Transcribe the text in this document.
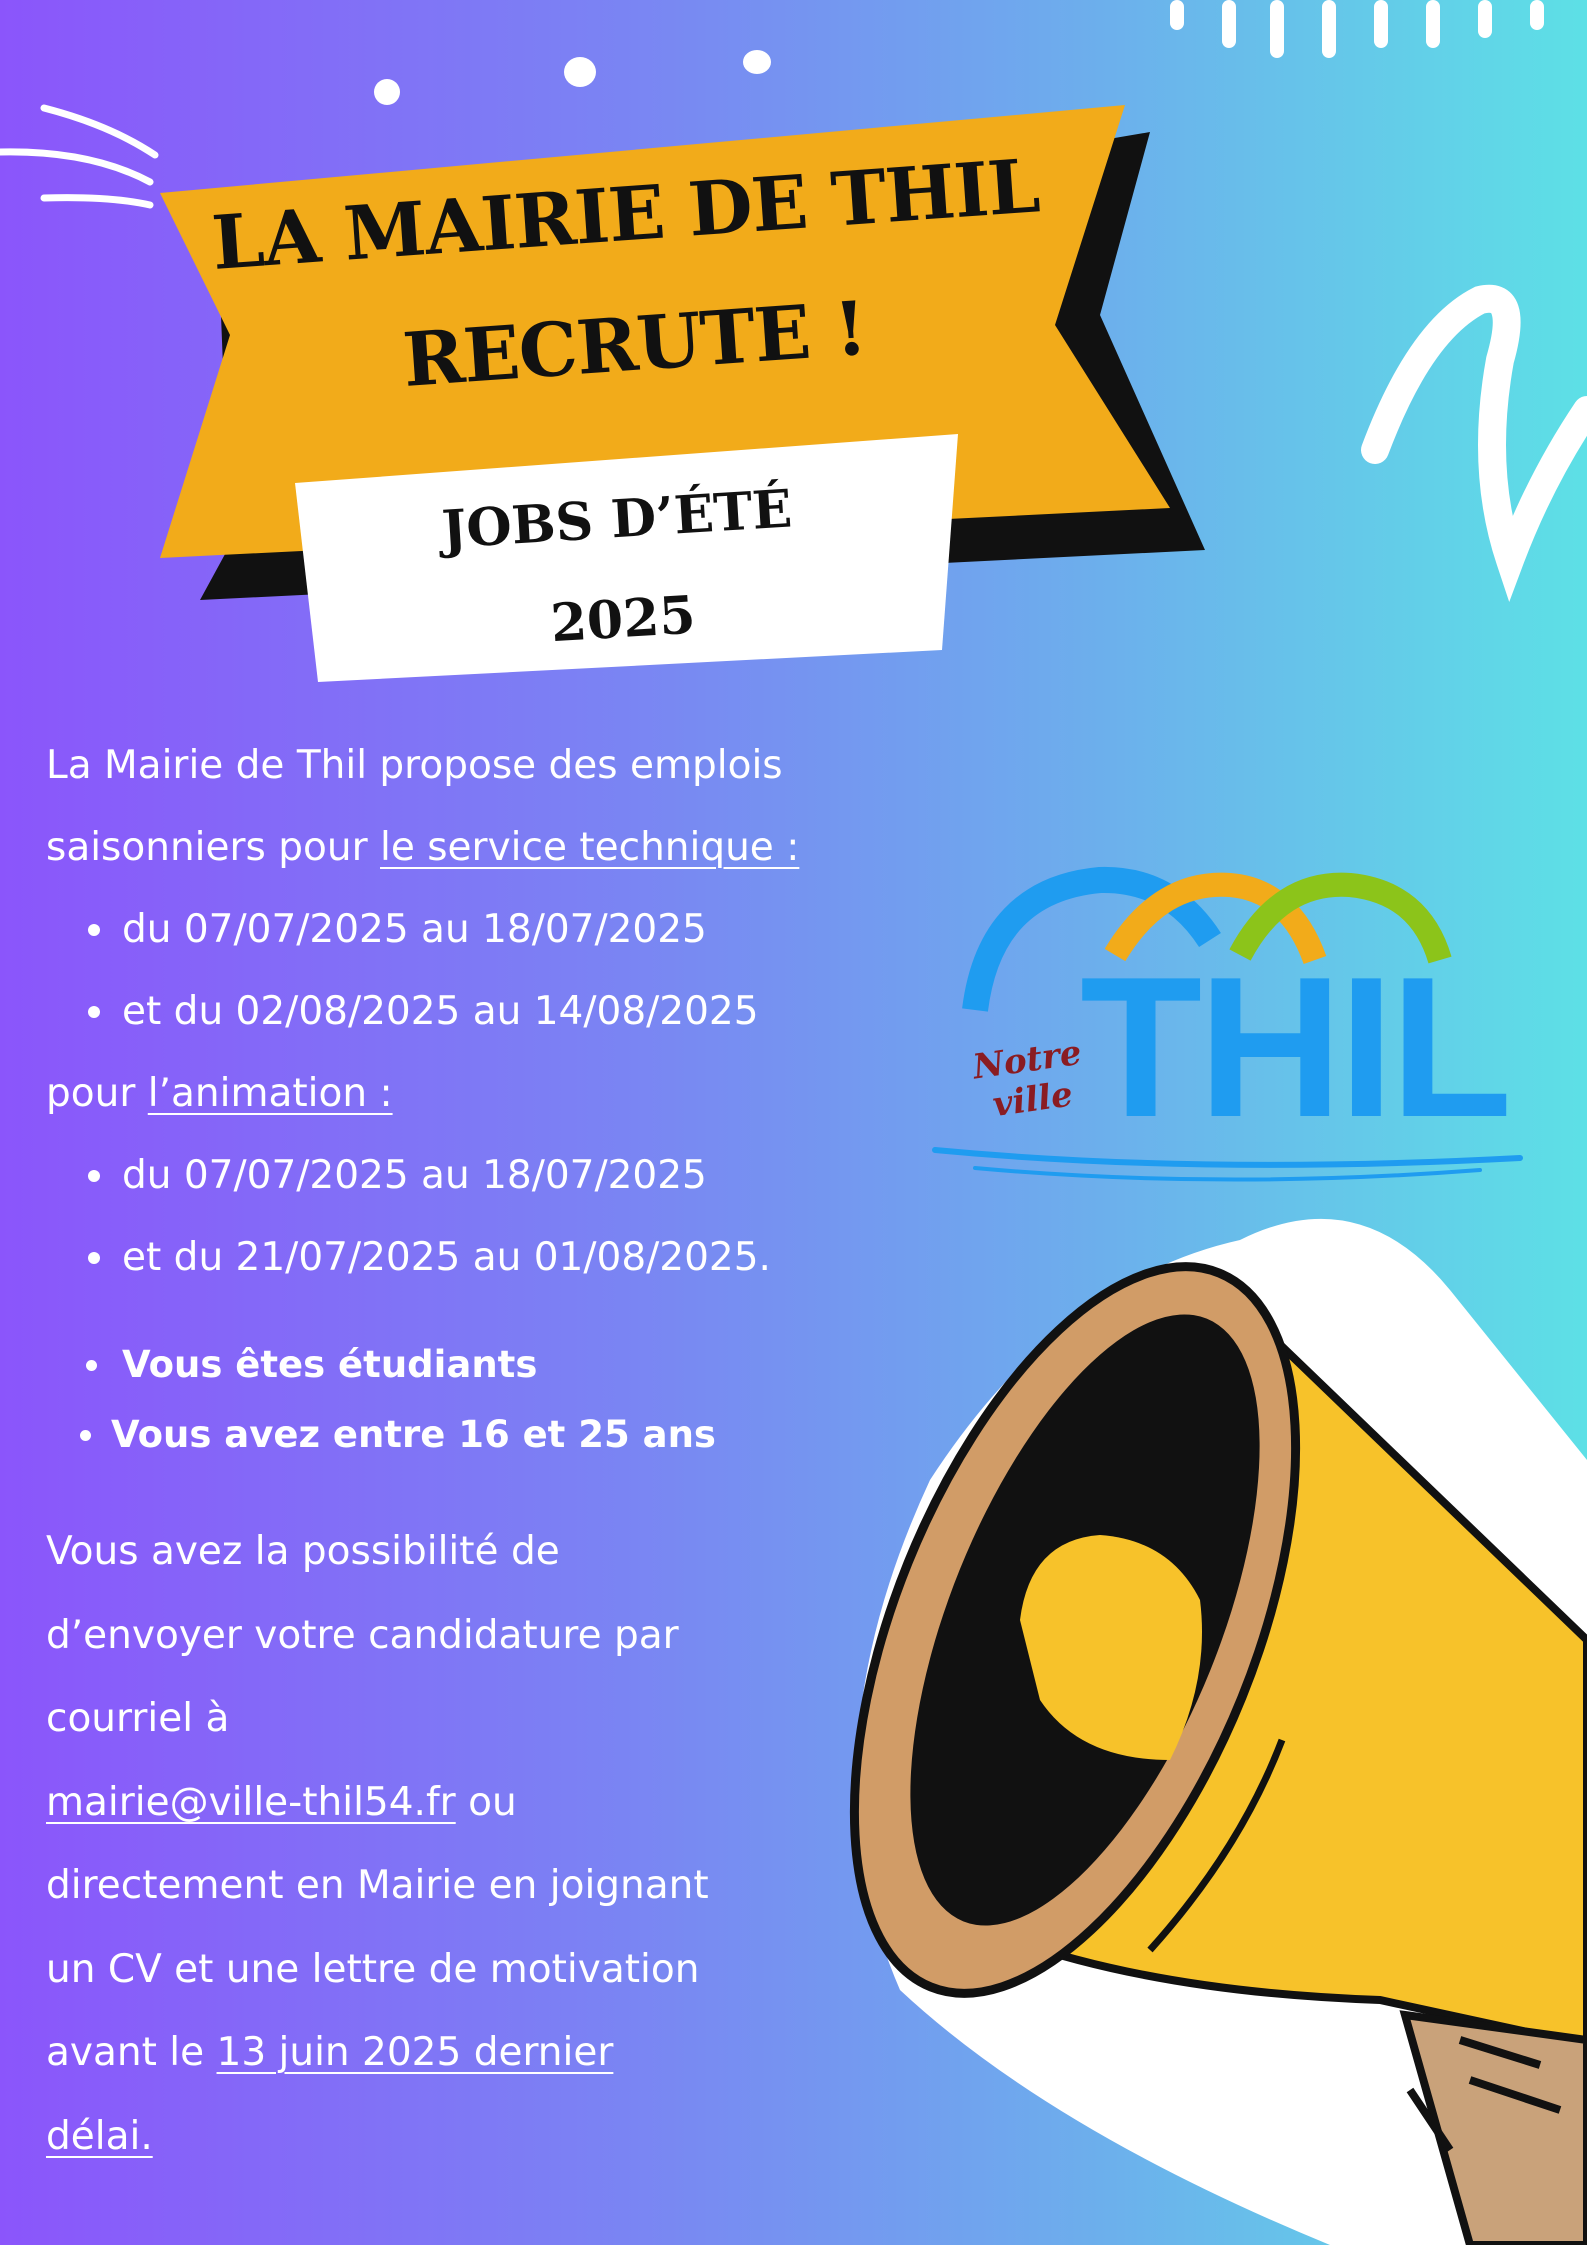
LA MAIRIE DE THIL
RECRUTE !
JOBS D’ÉTÉ
2025
Notre
ville THIL
La Mairie de Thil propose des emplois
saisonniers pour le service technique :
du 07/07/2025 au 18/07/2025
et du 02/08/2025 au 14/08/2025
pour l’animation :
du 07/07/2025 au 18/07/2025
et du 21/07/2025 au 01/08/2025.
Vous êtes étudiants
Vous avez entre 16 et 25 ans
Vous avez la possibilité de
d’envoyer votre candidature par
courriel à
mairie@ville-thil54.fr ou
directement en Mairie en joignant
un CV et une lettre de motivation
avant le 13 juin 2025 dernier
délai.
